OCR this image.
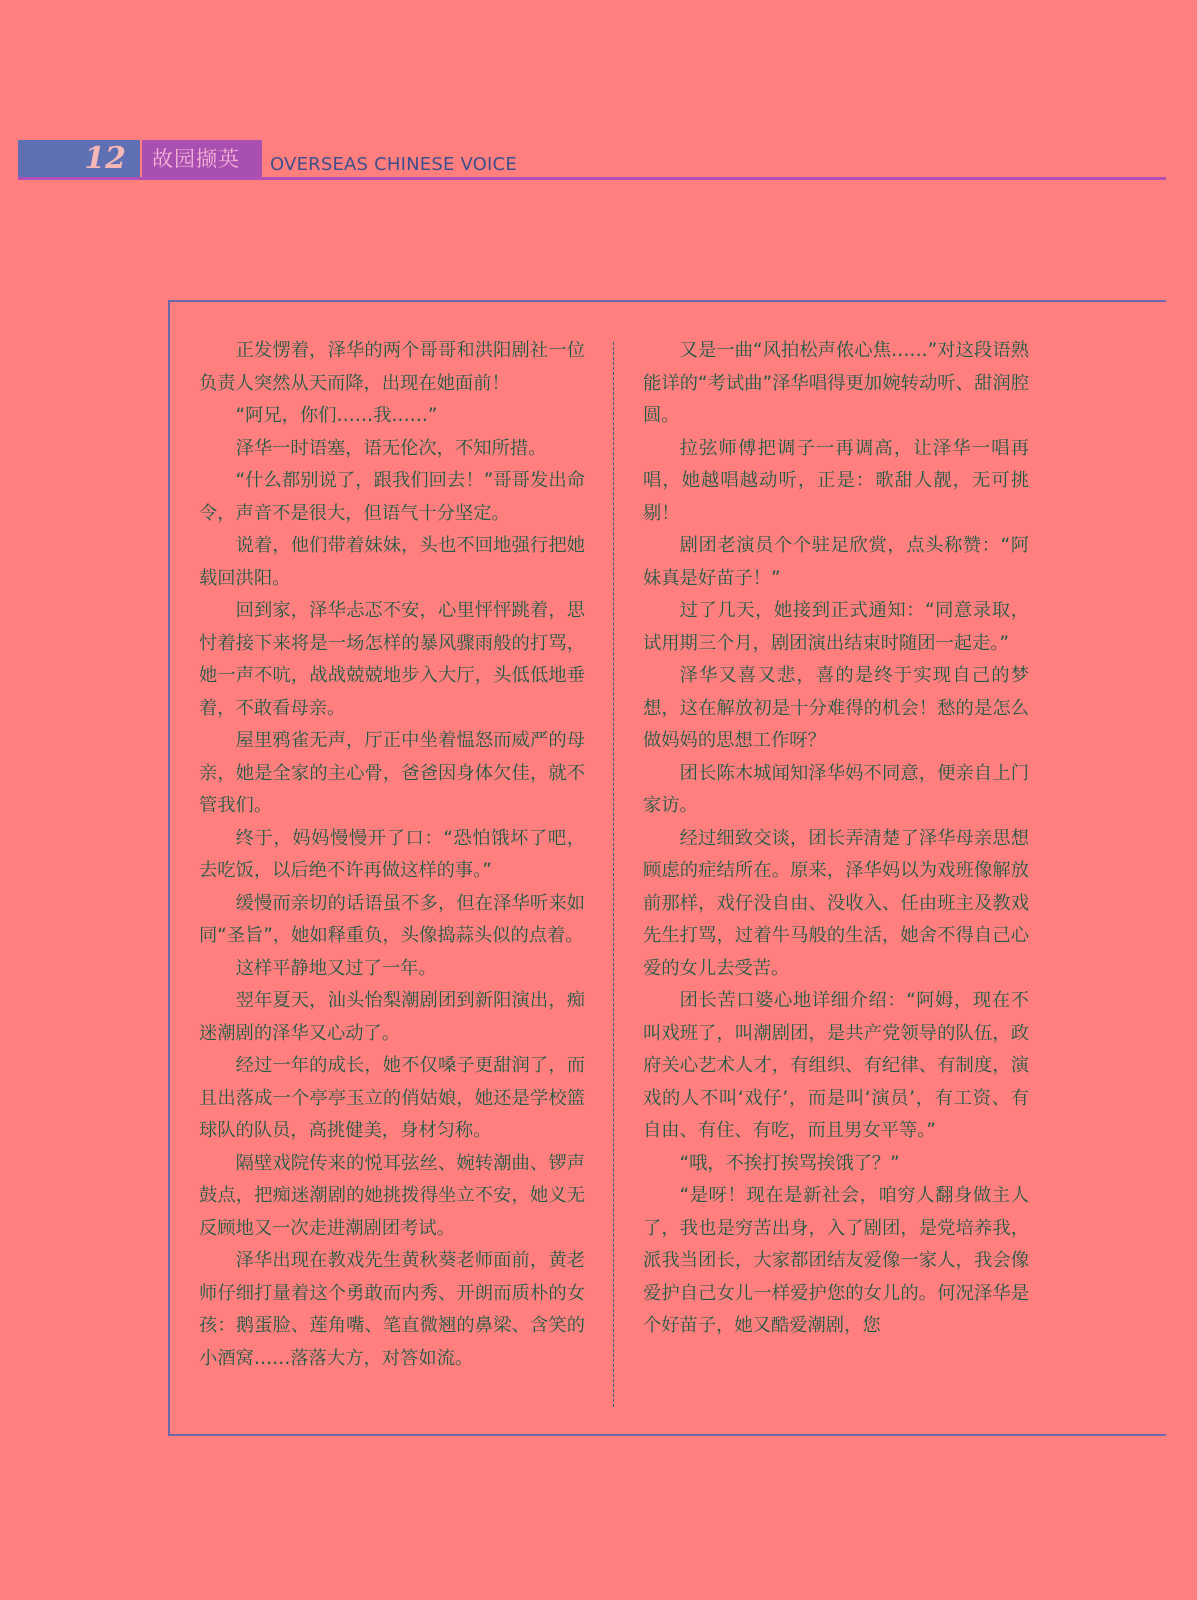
12 故园撷英 OVERSEAS CHINESE VOICE

正发愣着，泽华的两个哥哥和洪阳剧社一位负责人突然从天而降，出现在她面前！

“阿兄，你们……我……”

泽华一时语塞，语无伦次，不知所措。

“什么都别说了，跟我们回去！”哥哥发出命令，声音不是很大，但语气十分坚定。

说着，他们带着妹妹，头也不回地强行把她载回洪阳。

回到家，泽华忐忑不安，心里怦怦跳着，思忖着接下来将是一场怎样的暴风骤雨般的打骂，她一声不吭，战战兢兢地步入大厅，头低低地垂着，不敢看母亲。

屋里鸦雀无声，厅正中坐着愠怒而威严的母亲，她是全家的主心骨，爸爸因身体欠佳，就不管我们。

终于，妈妈慢慢开了口：“恐怕饿坏了吧，去吃饭，以后绝不许再做这样的事。”

缓慢而亲切的话语虽不多，但在泽华听来如同“圣旨”，她如释重负，头像捣蒜头似的点着。

这样平静地又过了一年。

翌年夏天，汕头怡梨潮剧团到新阳演出，痴迷潮剧的泽华又心动了。

经过一年的成长，她不仅嗓子更甜润了，而且出落成一个亭亭玉立的俏姑娘，她还是学校篮球队的队员，高挑健美，身材匀称。

隔壁戏院传来的悦耳弦丝、婉转潮曲、锣声鼓点，把痴迷潮剧的她挑拨得坐立不安，她义无反顾地又一次走进潮剧团考试。

泽华出现在教戏先生黄秋葵老师面前，黄老师仔细打量着这个勇敢而内秀、开朗而质朴的女孩：鹅蛋脸、莲角嘴、笔直微翘的鼻梁、含笑的小酒窝……落落大方，对答如流。

又是一曲“风拍松声侬心焦……”对这段语熟能详的“考试曲”泽华唱得更加婉转动听、甜润腔圆。

拉弦师傅把调子一再调高，让泽华一唱再唱，她越唱越动听，正是：歌甜人靓，无可挑剔！

剧团老演员个个驻足欣赏，点头称赞：“阿妹真是好苗子！”

过了几天，她接到正式通知：“同意录取，试用期三个月，剧团演出结束时随团一起走。”

泽华又喜又悲，喜的是终于实现自己的梦想，这在解放初是十分难得的机会！愁的是怎么做妈妈的思想工作呀？

团长陈木城闻知泽华妈不同意，便亲自上门家访。

经过细致交谈，团长弄清楚了泽华母亲思想顾虑的症结所在。原来，泽华妈以为戏班像解放前那样，戏仔没自由、没收入、任由班主及教戏先生打骂，过着牛马般的生活，她舍不得自己心爱的女儿去受苦。

团长苦口婆心地详细介绍：“阿姆，现在不叫戏班了，叫潮剧团，是共产党领导的队伍，政府关心艺术人才，有组织、有纪律、有制度，演戏的人不叫‘戏仔’，而是叫‘演员’，有工资、有自由、有住、有吃，而且男女平等。”

“哦，不挨打挨骂挨饿了？”

“是呀！现在是新社会，咱穷人翻身做主人了，我也是穷苦出身，入了剧团，是党培养我，派我当团长，大家都团结友爱像一家人，我会像爱护自己女儿一样爱护您的女儿的。何况泽华是个好苗子，她又酷爱潮剧，您
